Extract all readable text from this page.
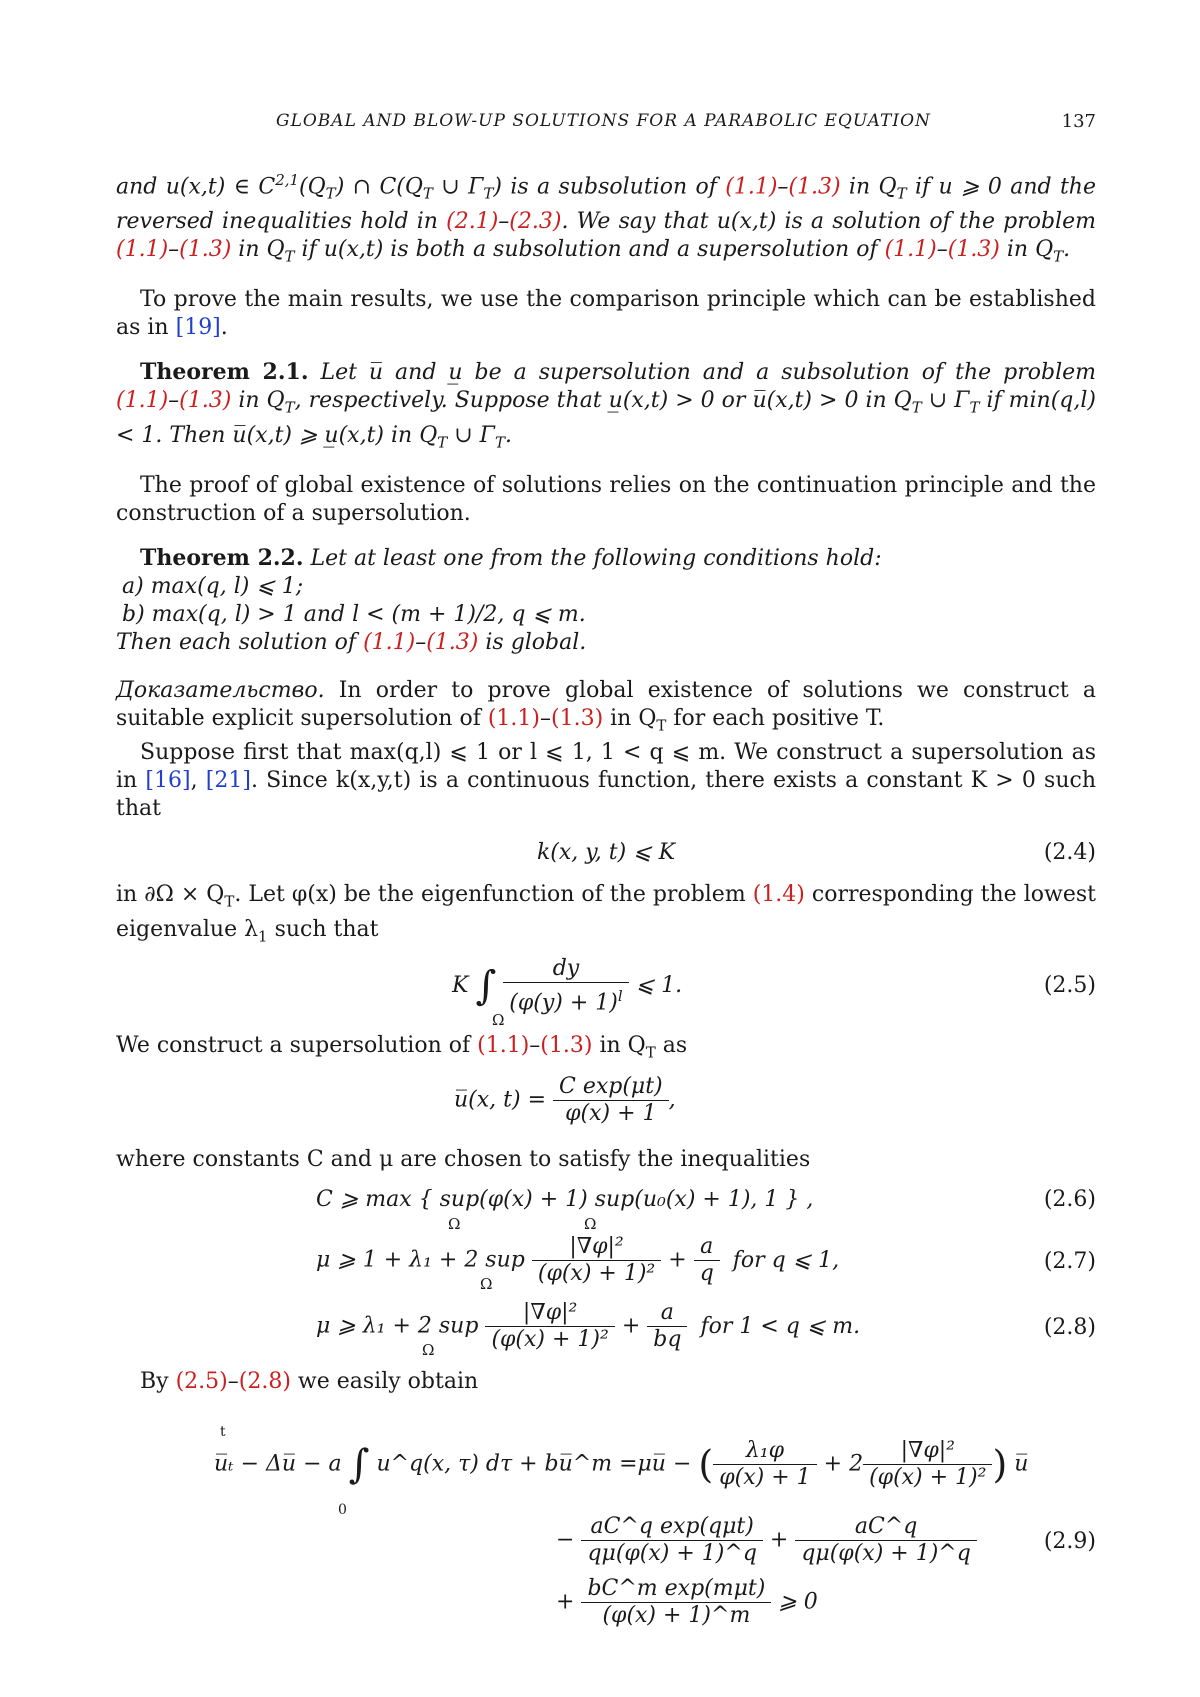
GLOBAL AND BLOW-UP SOLUTIONS FOR A PARABOLIC EQUATION	137

and u(x,t) ∈ $C^{2,1}(Q_T)$ ∩ $C(Q_T$ ∪ $\Gamma_T$) is a subsolution of (1.1)–(1.3) in $Q_T$ if u ⩾ 0 and the reversed inequalities hold in (2.1)–(2.3). We say that u(x,t) is a solution of the problem (1.1)–(1.3) in $Q_T$ if u(x,t) is both a subsolution and a supersolution of (1.1)–(1.3) in $Q_T$.

To prove the main results, we use the comparison principle which can be established as in [19].

Theorem 2.1. Let u̅ and u̲ be a supersolution and a subsolution of the problem (1.1)–(1.3) in $Q_T$, respectively. Suppose that u̲(x,t) > 0 or u̅(x,t) > 0 in $Q_T$ ∪ $\Gamma_T$ if min(q,l) < 1. Then u̅(x,t) ⩾ u̲(x,t) in $Q_T$ ∪ $\Gamma_T$.

The proof of global existence of solutions relies on the continuation principle and the construction of a supersolution.

Theorem 2.2. Let at least one from the following conditions hold:

a) max(q, l) ⩽ 1;

b) max(q, l) > 1 and l < (m + 1)/2, q ⩽ m.

Then each solution of (1.1)–(1.3) is global.

Доказательство. In order to prove global existence of solutions we construct a suitable explicit supersolution of (1.1)–(1.3) in $Q_T$ for each positive T.

Suppose first that max(q,l) ⩽ 1 or l ⩽ 1, 1 < q ⩽ m. We construct a supersolution as in [16], [21]. Since k(x,y,t) is a continuous function, there exists a constant K > 0 such that

k(x, y, t) ⩽ K	(2.4)

in $\partial\Omega \times Q_T$. Let φ(x) be the eigenfunction of the problem (1.4) corresponding the lowest eigenvalue $\lambda_1$ such that

K ∫ $\frac{dy}{(\varphi(y) + 1)^l}$ ⩽ 1.
Ω
(2.5)

We construct a supersolution of (1.1)–(1.3) in $Q_T$ as

u̅(x, $t) = \frac{\text{C exp(μt)}}{\varphi(x) + 1}$ ,

where constants C and μ are chosen to satisfy the inequalities

C ⩾ max { sup(φ(x) + 1) sup(u₀(x) + 1), 1 } ,
Ω	Ω
(2.6)
μ ⩾ 1 + λ₁ + 2 sup $\frac{\text{|∇φ|²}}{\text{(φ(x) + 1)²}} + \frac{a}{q}$ for q ⩽ 1,
Ω
(2.7)
μ ⩾ λ₁ + 2 sup $\frac{\text{|∇φ|²}}{\text{(φ(x) + 1)²}} + \frac{a}{bq}$ for 1 < q ⩽ m.
Ω
(2.8)

By (2.5)–(2.8) we easily obtain

t
u̅ₜ − Δu̅ − a ∫ u^q(x, τ) dτ + bu̅^m =μu̅ − ( $\frac{\text{λ₁φ}}{\varphi(x) + 1} + 2 \frac{\text{|∇φ|²}}{\text{(φ(x) + 1)²}}$ ) u̅
0
− $\frac{\text{aC\textasciicircum{}q exp(qμt)}}{q\mu(\varphi(x) + 1)\^{}q} + \frac{aC\^{}q}{q\mu(\varphi(x) + 1)\^{}q}$
+ $\frac{\text{bC\textasciicircum{}m exp(mμt)}}{(\varphi(x) + 1)\^{}m}$ ⩾ 0
(2.9)
